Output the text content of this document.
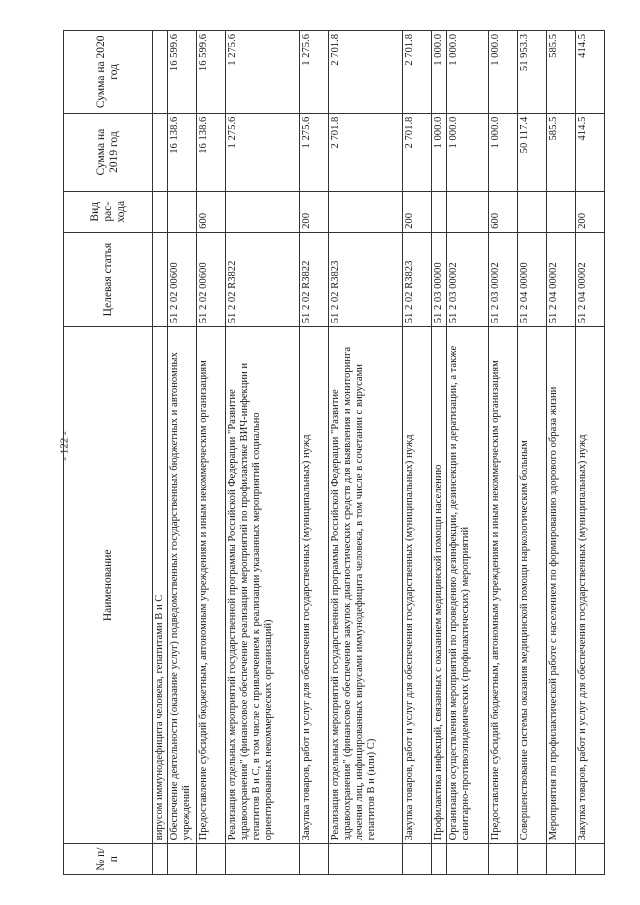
- 122 -
№ п/п	Наименование	Целевая статья	Вид рас- хода	Сумма на 2019 год	Сумма на 2020 год
	вирусом иммунодефицита человека, гепатитами В и С				
	Обеспечение деятельности (оказание услуг) подведомственных государственных бюджетных и автономных учреждений	51 2 02 00600		16 138.6	16 599.6
	Предоставление субсидий бюджетным, автономным учреждениям и иным некоммерческим организациям	51 2 02 00600	600	16 138.6	16 599.6
	Реализация отдельных мероприятий государственной программы Российской Федерации "Развитие здравоохранения" (финансовое обеспечение реализации мероприятий по профилактике ВИЧ-инфекции и гепатитов В и С, в том числе с привлечением к реализации указанных мероприятий социально ориентированных некоммерческих организаций)	51 2 02 R3822		1 275.6	1 275.6
	Закупка товаров, работ и услуг для обеспечения государственных (муниципальных) нужд	51 2 02 R3822	200	1 275.6	1 275.6
	Реализация отдельных мероприятий государственной программы Российской Федерации "Развитие здравоохранения" (финансовое обеспечение закупок диагностических средств для выявления и мониторинга лечения лиц, инфицированных вирусами иммунодефицита человека, в том числе в сочетании с вирусами гепатитов В и (или) С)	51 2 02 R3823		2 701.8	2 701.8
	Закупка товаров, работ и услуг для обеспечения государственных (муниципальных) нужд	51 2 02 R3823	200	2 701.8	2 701.8
	Профилактика инфекций, связанных с оказанием медицинской помощи населению	51 2 03 00000		1 000.0	1 000.0
	Организация осуществления мероприятий по проведению дезинфекции, дезинсекции и дератизации, а также санитарно-противоэпидемических (профилактических) мероприятий	51 2 03 00002		1 000.0	1 000.0
	Предоставление субсидий бюджетным, автономным учреждениям и иным некоммерческим организациям	51 2 03 00002	600	1 000.0	1 000.0
	Совершенствование системы оказания медицинской помощи наркологическим больным	51 2 04 00000		50 117.4	51 953.3
	Мероприятия по профилактической работе с населением по формированию здорового образа жизни	51 2 04 00002		585.5	585.5
	Закупка товаров, работ и услуг для обеспечения государственных (муниципальных) нужд	51 2 04 00002	200	414.5	414.5
